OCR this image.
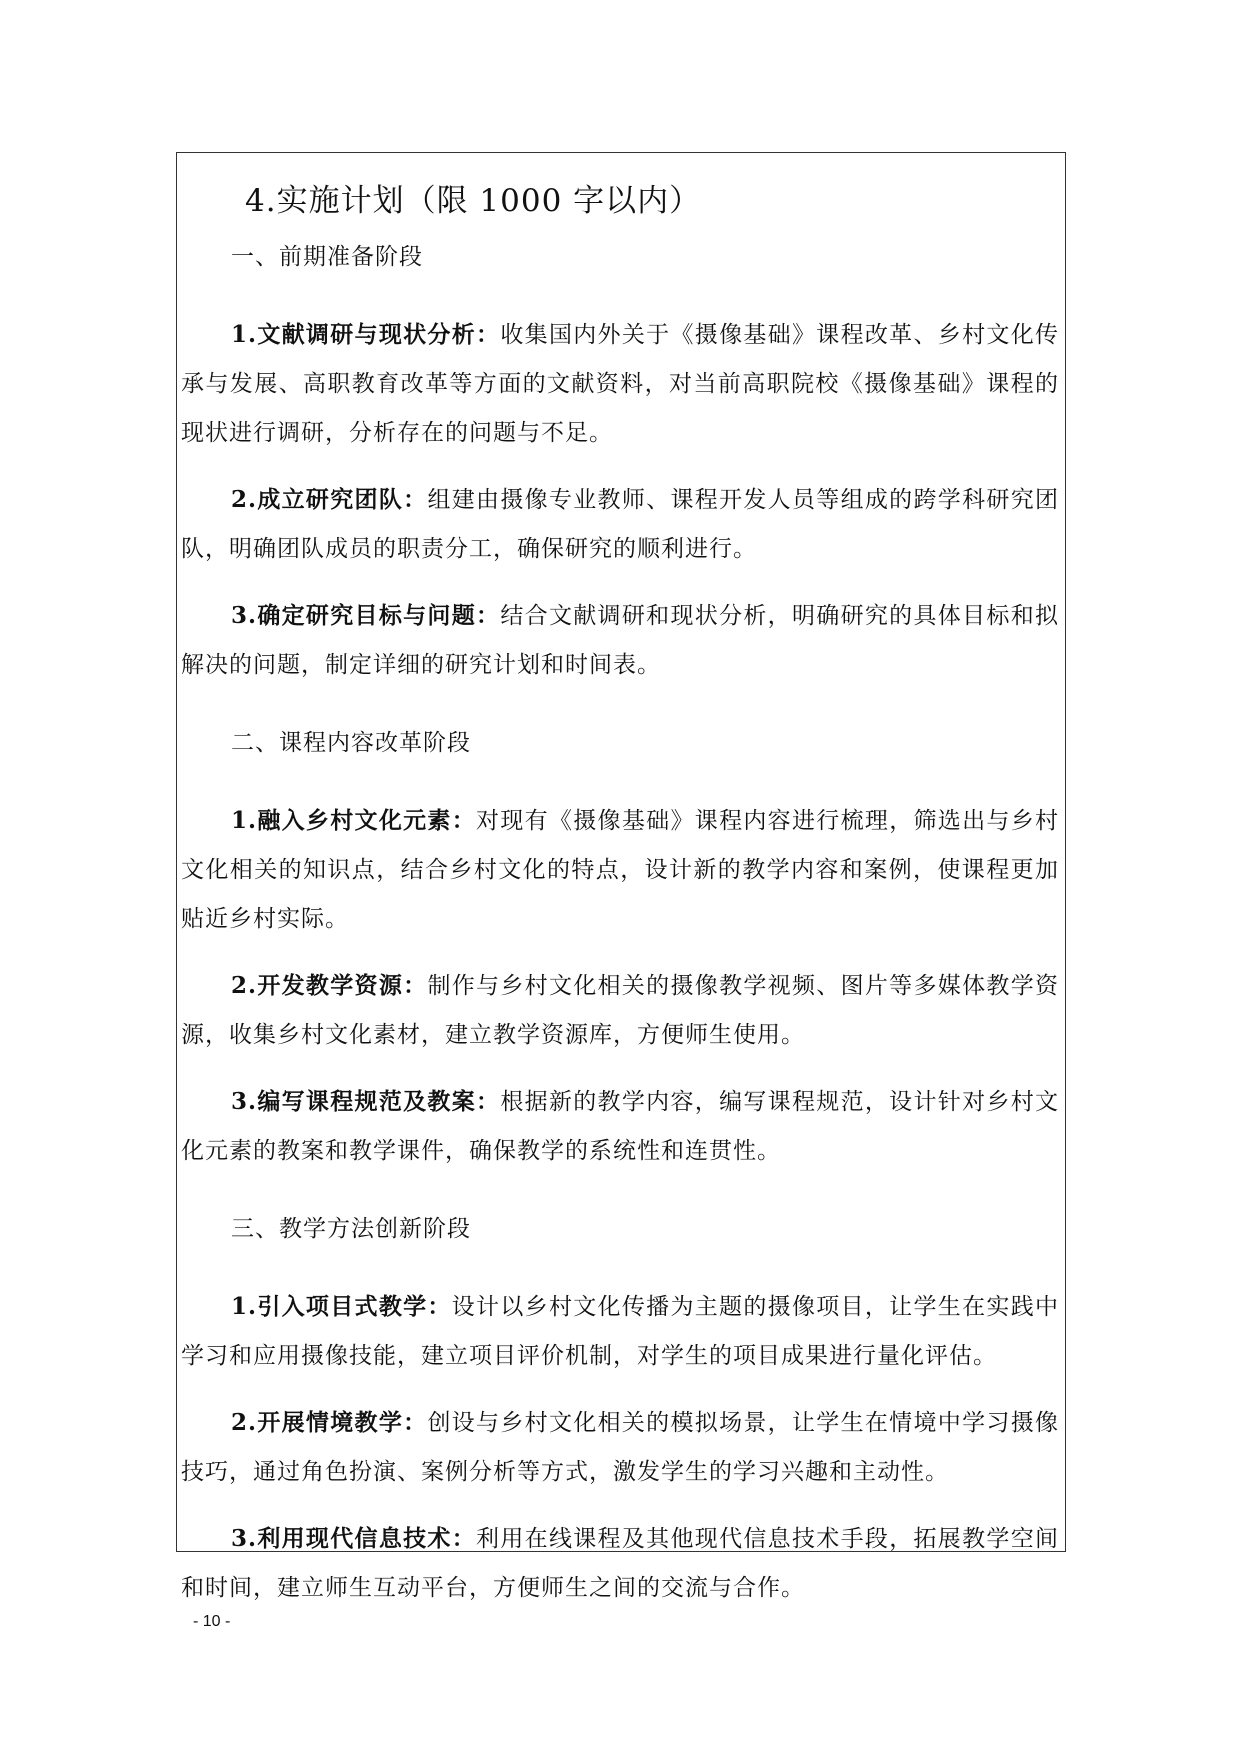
4.实施计划（限 1000 字以内）

一、前期准备阶段

1.文献调研与现状分析：收集国内外关于《摄像基础》课程改革、乡村文化传承与发展、高职教育改革等方面的文献资料，对当前高职院校《摄像基础》课程的现状进行调研，分析存在的问题与不足。

2.成立研究团队：组建由摄像专业教师、课程开发人员等组成的跨学科研究团队，明确团队成员的职责分工，确保研究的顺利进行。

3.确定研究目标与问题：结合文献调研和现状分析，明确研究的具体目标和拟解决的问题，制定详细的研究计划和时间表。

二、课程内容改革阶段

1.融入乡村文化元素：对现有《摄像基础》课程内容进行梳理，筛选出与乡村文化相关的知识点，结合乡村文化的特点，设计新的教学内容和案例，使课程更加贴近乡村实际。

2.开发教学资源：制作与乡村文化相关的摄像教学视频、图片等多媒体教学资源，收集乡村文化素材，建立教学资源库，方便师生使用。

3.编写课程规范及教案：根据新的教学内容，编写课程规范，设计针对乡村文化元素的教案和教学课件，确保教学的系统性和连贯性。

三、教学方法创新阶段

1.引入项目式教学：设计以乡村文化传播为主题的摄像项目，让学生在实践中学习和应用摄像技能，建立项目评价机制，对学生的项目成果进行量化评估。

2.开展情境教学：创设与乡村文化相关的模拟场景，让学生在情境中学习摄像技巧，通过角色扮演、案例分析等方式，激发学生的学习兴趣和主动性。

3.利用现代信息技术：利用在线课程及其他现代信息技术手段，拓展教学空间和时间，建立师生互动平台，方便师生之间的交流与合作。

- 10 -
